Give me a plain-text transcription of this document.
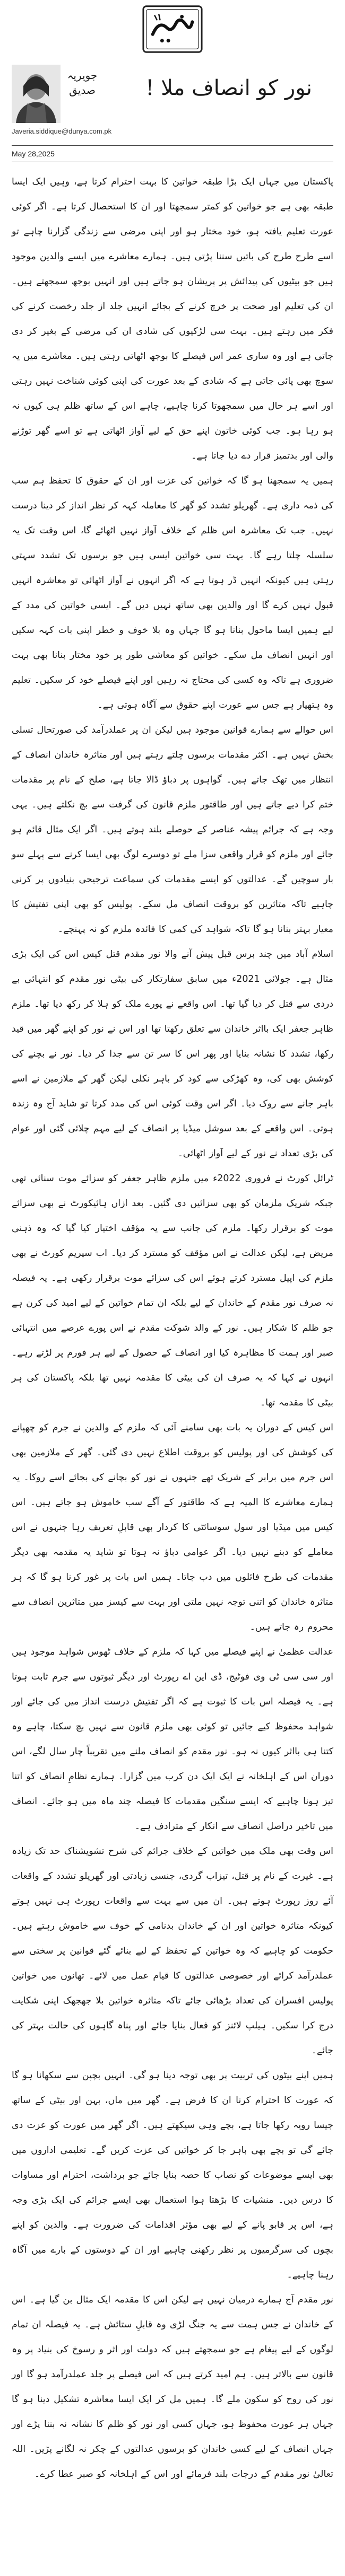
جویریہ صدیق نور کو انصاف ملا !
Javeria.siddique@dunya.com.pk
May 28,2025

پاکستان میں جہاں ایک بڑا طبقہ خواتین کا بہت احترام کرتا ہے، وہیں ایک ایسا طبقہ بھی ہے جو خواتین کو کمتر سمجھتا اور ان کا استحصال کرتا ہے۔ اگر کوئی عورت تعلیم یافتہ ہو، خود مختار ہو اور اپنی مرضی سے زندگی گزارنا چاہے تو اسے طرح طرح کی باتیں سننا پڑتی ہیں۔ ہمارے معاشرے میں ایسے والدین موجود ہیں جو بیٹیوں کی پیدائش پر پریشان ہو جاتے ہیں اور انہیں بوجھ سمجھتے ہیں۔ ان کی تعلیم اور صحت پر خرچ کرنے کے بجائے انہیں جلد از جلد رخصت کرنے کی فکر میں رہتے ہیں۔ بہت سی لڑکیوں کی شادی ان کی مرضی کے بغیر کر دی جاتی ہے اور وہ ساری عمر اس فیصلے کا بوجھ اٹھاتی رہتی ہیں۔ معاشرے میں یہ سوچ بھی پائی جاتی ہے کہ شادی کے بعد عورت کی اپنی کوئی شناخت نہیں رہتی اور اسے ہر حال میں سمجھوتا کرنا چاہیے، چاہے اس کے ساتھ ظلم ہی کیوں نہ ہو رہا ہو۔ جب کوئی خاتون اپنے حق کے لیے آواز اٹھاتی ہے تو اسے گھر توڑنے والی اور بدتمیز قرار دے دیا جاتا ہے۔

ہمیں یہ سمجھنا ہو گا کہ خواتین کی عزت اور ان کے حقوق کا تحفظ ہم سب کی ذمہ داری ہے۔ گھریلو تشدد کو گھر کا معاملہ کہہ کر نظر انداز کر دینا درست نہیں۔ جب تک معاشرہ اس ظلم کے خلاف آواز نہیں اٹھائے گا، اس وقت تک یہ سلسلہ چلتا رہے گا۔ بہت سی خواتین ایسی ہیں جو برسوں تک تشدد سہتی رہتی ہیں کیونکہ انہیں ڈر ہوتا ہے کہ اگر انہوں نے آواز اٹھائی تو معاشرہ انہیں قبول نہیں کرے گا اور والدین بھی ساتھ نہیں دیں گے۔ ایسی خواتین کی مدد کے لیے ہمیں ایسا ماحول بنانا ہو گا جہاں وہ بلا خوف و خطر اپنی بات کہہ سکیں اور انہیں انصاف مل سکے۔ خواتین کو معاشی طور پر خود مختار بنانا بھی بہت ضروری ہے تاکہ وہ کسی کی محتاج نہ رہیں اور اپنے فیصلے خود کر سکیں۔ تعلیم وہ ہتھیار ہے جس سے عورت اپنے حقوق سے آگاہ ہوتی ہے۔

اس حوالے سے ہمارے قوانین موجود ہیں لیکن ان پر عملدرآمد کی صورتحال تسلی بخش نہیں ہے۔ اکثر مقدمات برسوں چلتے رہتے ہیں اور متاثرہ خاندان انصاف کے انتظار میں تھک جاتے ہیں۔ گواہوں پر دباؤ ڈالا جاتا ہے، صلح کے نام پر مقدمات ختم کرا دیے جاتے ہیں اور طاقتور ملزم قانون کی گرفت سے بچ نکلتے ہیں۔ یہی وجہ ہے کہ جرائم پیشہ عناصر کے حوصلے بلند ہوتے ہیں۔ اگر ایک مثال قائم ہو جائے اور ملزم کو قرار واقعی سزا ملے تو دوسرے لوگ بھی ایسا کرنے سے پہلے سو بار سوچیں گے۔ عدالتوں کو ایسے مقدمات کی سماعت ترجیحی بنیادوں پر کرنی چاہیے تاکہ متاثرین کو بروقت انصاف مل سکے۔ پولیس کو بھی اپنی تفتیش کا معیار بہتر بنانا ہو گا تاکہ شواہد کی کمی کا فائدہ ملزم کو نہ پہنچے۔

اسلام آباد میں چند برس قبل پیش آنے والا نور مقدم قتل کیس اس کی ایک بڑی مثال ہے۔ جولائی 2021ء میں سابق سفارتکار کی بیٹی نور مقدم کو انتہائی بے دردی سے قتل کر دیا گیا تھا۔ اس واقعے نے پورے ملک کو ہلا کر رکھ دیا تھا۔ ملزم ظاہر جعفر ایک بااثر خاندان سے تعلق رکھتا تھا اور اس نے نور کو اپنے گھر میں قید رکھا، تشدد کا نشانہ بنایا اور پھر اس کا سر تن سے جدا کر دیا۔ نور نے بچنے کی کوشش بھی کی، وہ کھڑکی سے کود کر باہر نکلی لیکن گھر کے ملازمین نے اسے باہر جانے سے روک دیا۔ اگر اس وقت کوئی اس کی مدد کرتا تو شاید آج وہ زندہ ہوتی۔ اس واقعے کے بعد سوشل میڈیا پر انصاف کے لیے مہم چلائی گئی اور عوام کی بڑی تعداد نے نور کے لیے آواز اٹھائی۔

ٹرائل کورٹ نے فروری 2022ء میں ملزم ظاہر جعفر کو سزائے موت سنائی تھی جبکہ شریک ملزمان کو بھی سزائیں دی گئیں۔ بعد ازاں ہائیکورٹ نے بھی سزائے موت کو برقرار رکھا۔ ملزم کی جانب سے یہ مؤقف اختیار کیا گیا کہ وہ ذہنی مریض ہے، لیکن عدالت نے اس مؤقف کو مسترد کر دیا۔ اب سپریم کورٹ نے بھی ملزم کی اپیل مسترد کرتے ہوئے اس کی سزائے موت برقرار رکھی ہے۔ یہ فیصلہ نہ صرف نور مقدم کے خاندان کے لیے بلکہ ان تمام خواتین کے لیے امید کی کرن ہے جو ظلم کا شکار ہیں۔ نور کے والد شوکت مقدم نے اس پورے عرصے میں انتہائی صبر اور ہمت کا مظاہرہ کیا اور انصاف کے حصول کے لیے ہر فورم پر لڑتے رہے۔ انہوں نے کہا کہ یہ صرف ان کی بیٹی کا مقدمہ نہیں تھا بلکہ پاکستان کی ہر بیٹی کا مقدمہ تھا۔

اس کیس کے دوران یہ بات بھی سامنے آئی کہ ملزم کے والدین نے جرم کو چھپانے کی کوشش کی اور پولیس کو بروقت اطلاع نہیں دی گئی۔ گھر کے ملازمین بھی اس جرم میں برابر کے شریک تھے جنہوں نے نور کو بچانے کی بجائے اسے روکا۔ یہ ہمارے معاشرے کا المیہ ہے کہ طاقتور کے آگے سب خاموش ہو جاتے ہیں۔ اس کیس میں میڈیا اور سول سوسائٹی کا کردار بھی قابلِ تعریف رہا جنہوں نے اس معاملے کو دبنے نہیں دیا۔ اگر عوامی دباؤ نہ ہوتا تو شاید یہ مقدمہ بھی دیگر مقدمات کی طرح فائلوں میں دب جاتا۔ ہمیں اس بات پر غور کرنا ہو گا کہ ہر متاثرہ خاندان کو اتنی توجہ نہیں ملتی اور بہت سے کیسز میں متاثرین انصاف سے محروم رہ جاتے ہیں۔

عدالت عظمیٰ نے اپنے فیصلے میں کہا کہ ملزم کے خلاف ٹھوس شواہد موجود ہیں اور سی سی ٹی وی فوٹیج، ڈی این اے رپورٹ اور دیگر ثبوتوں سے جرم ثابت ہوتا ہے۔ یہ فیصلہ اس بات کا ثبوت ہے کہ اگر تفتیش درست انداز میں کی جائے اور شواہد محفوظ کیے جائیں تو کوئی بھی ملزم قانون سے نہیں بچ سکتا، چاہے وہ کتنا ہی بااثر کیوں نہ ہو۔ نور مقدم کو انصاف ملنے میں تقریباً چار سال لگے، اس دوران اس کے اہلخانہ نے ایک ایک دن کرب میں گزارا۔ ہمارے نظامِ انصاف کو اتنا تیز ہونا چاہیے کہ ایسے سنگین مقدمات کا فیصلہ چند ماہ میں ہو جائے۔ انصاف میں تاخیر دراصل انصاف سے انکار کے مترادف ہے۔

اس وقت بھی ملک میں خواتین کے خلاف جرائم کی شرح تشویشناک حد تک زیادہ ہے۔ غیرت کے نام پر قتل، تیزاب گردی، جنسی زیادتی اور گھریلو تشدد کے واقعات آئے روز رپورٹ ہوتے ہیں۔ ان میں سے بہت سے واقعات رپورٹ ہی نہیں ہوتے کیونکہ متاثرہ خواتین اور ان کے خاندان بدنامی کے خوف سے خاموش رہتے ہیں۔ حکومت کو چاہیے کہ وہ خواتین کے تحفظ کے لیے بنائے گئے قوانین پر سختی سے عملدرآمد کرائے اور خصوصی عدالتوں کا قیام عمل میں لائے۔ تھانوں میں خواتین پولیس افسران کی تعداد بڑھائی جائے تاکہ متاثرہ خواتین بلا جھجھک اپنی شکایت درج کرا سکیں۔ ہیلپ لائنز کو فعال بنایا جائے اور پناہ گاہوں کی حالت بہتر کی جائے۔

ہمیں اپنے بیٹوں کی تربیت پر بھی توجہ دینا ہو گی۔ انہیں بچپن سے سکھانا ہو گا کہ عورت کا احترام کرنا ان کا فرض ہے۔ گھر میں ماں، بہن اور بیٹی کے ساتھ جیسا رویہ رکھا جاتا ہے، بچے وہی سیکھتے ہیں۔ اگر گھر میں عورت کو عزت دی جائے گی تو بچے بھی باہر جا کر خواتین کی عزت کریں گے۔ تعلیمی اداروں میں بھی ایسے موضوعات کو نصاب کا حصہ بنایا جائے جو برداشت، احترام اور مساوات کا درس دیں۔ منشیات کا بڑھتا ہوا استعمال بھی ایسے جرائم کی ایک بڑی وجہ ہے، اس پر قابو پانے کے لیے بھی مؤثر اقدامات کی ضرورت ہے۔ والدین کو اپنے بچوں کی سرگرمیوں پر نظر رکھنی چاہیے اور ان کے دوستوں کے بارے میں آگاہ رہنا چاہیے۔

نور مقدم آج ہمارے درمیان نہیں ہے لیکن اس کا مقدمہ ایک مثال بن گیا ہے۔ اس کے خاندان نے جس ہمت سے یہ جنگ لڑی وہ قابلِ ستائش ہے۔ یہ فیصلہ ان تمام لوگوں کے لیے پیغام ہے جو سمجھتے ہیں کہ دولت اور اثر و رسوخ کی بنیاد پر وہ قانون سے بالاتر ہیں۔ ہم امید کرتے ہیں کہ اس فیصلے پر جلد عملدرآمد ہو گا اور نور کی روح کو سکون ملے گا۔ ہمیں مل کر ایک ایسا معاشرہ تشکیل دینا ہو گا جہاں ہر عورت محفوظ ہو، جہاں کسی اور نور کو ظلم کا نشانہ نہ بننا پڑے اور جہاں انصاف کے لیے کسی خاندان کو برسوں عدالتوں کے چکر نہ لگانے پڑیں۔ اللہ تعالیٰ نور مقدم کے درجات بلند فرمائے اور اس کے اہلخانہ کو صبر عطا کرے۔
